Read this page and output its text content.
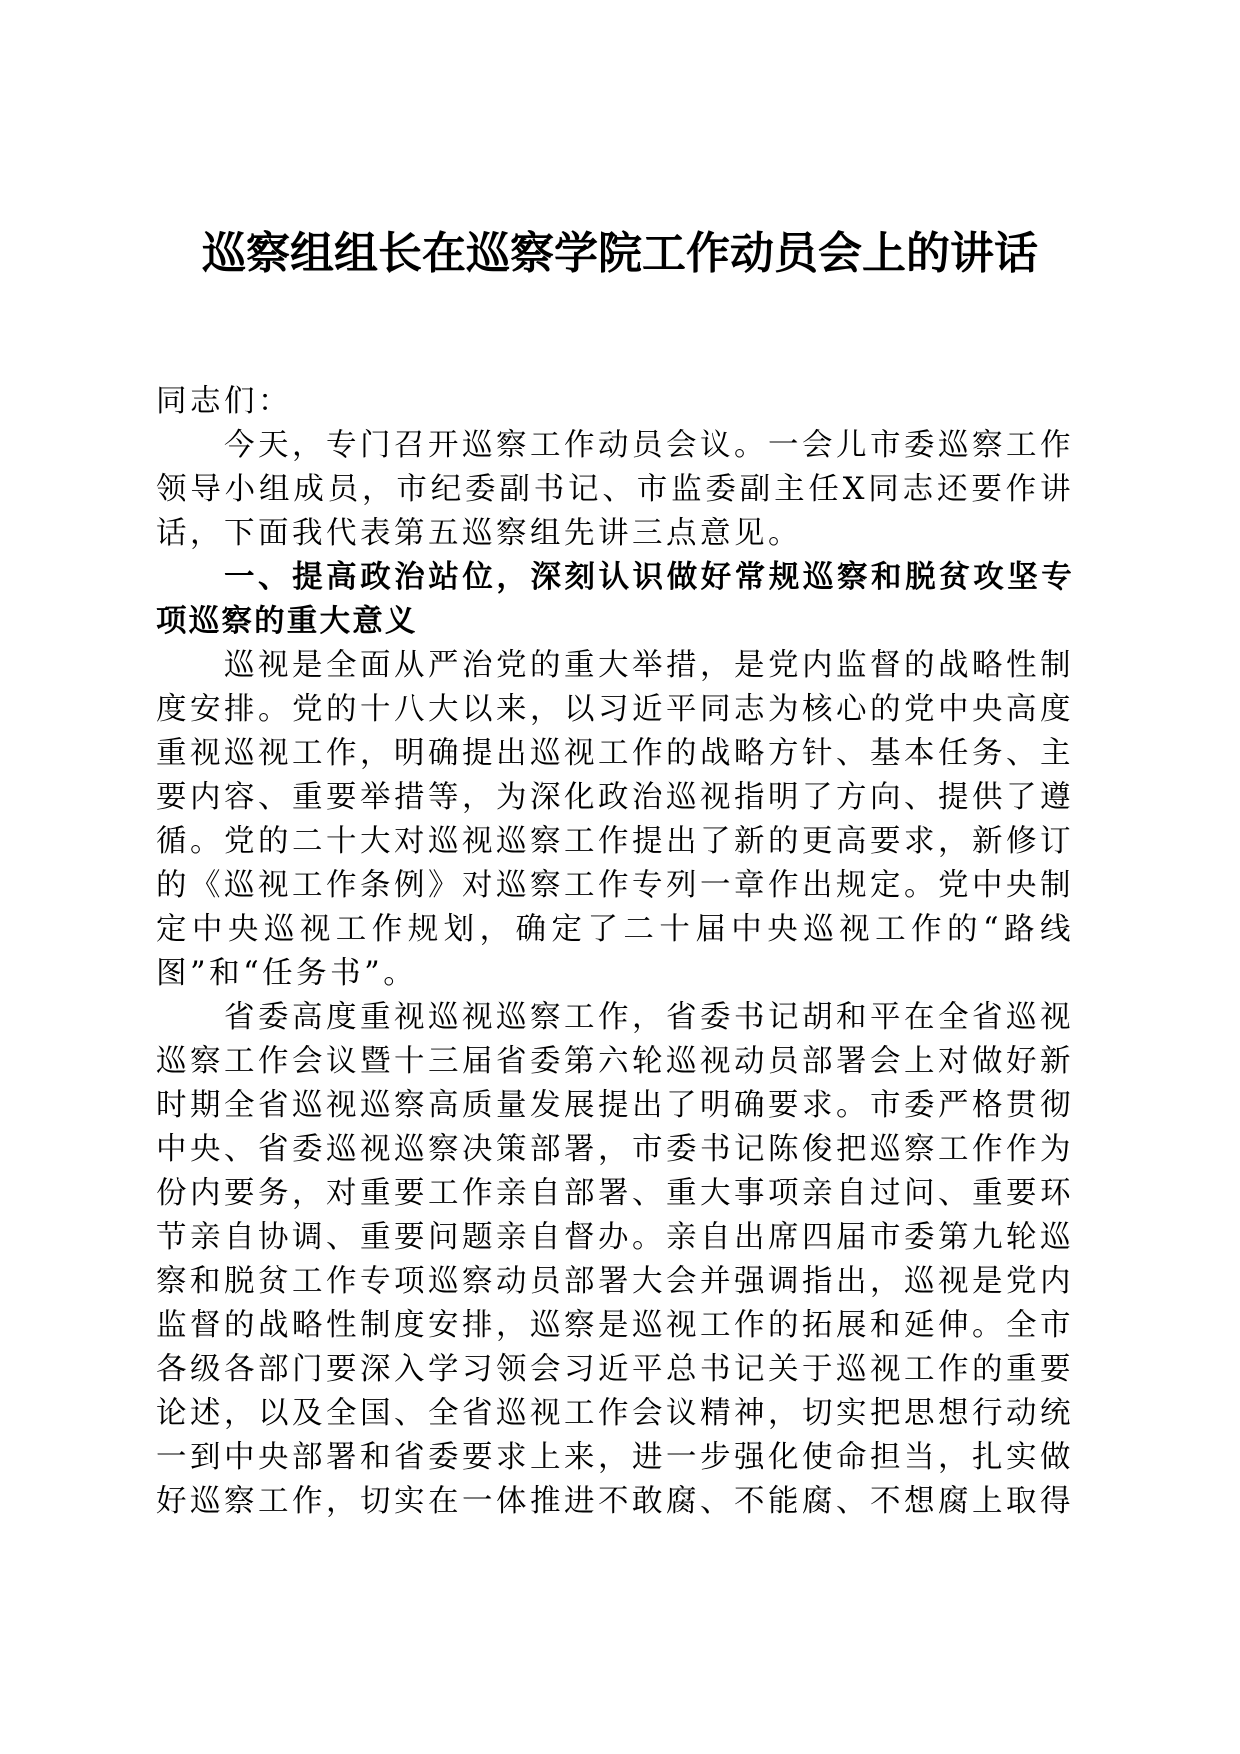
巡察组组长在巡察学院工作动员会上的讲话

同志们：

今天，专门召开巡察工作动员会议。一会儿市委巡察工作领导小组成员，市纪委副书记、市监委副主任X同志还要作讲话，下面我代表第五巡察组先讲三点意见。

一、提高政治站位，深刻认识做好常规巡察和脱贫攻坚专项巡察的重大意义

巡视是全面从严治党的重大举措，是党内监督的战略性制度安排。党的十八大以来，以习近平同志为核心的党中央高度重视巡视工作，明确提出巡视工作的战略方针、基本任务、主要内容、重要举措等，为深化政治巡视指明了方向、提供了遵循。党的二十大对巡视巡察工作提出了新的更高要求，新修订的《巡视工作条例》对巡察工作专列一章作出规定。党中央制定中央巡视工作规划，确定了二十届中央巡视工作的“路线图”和“任务书”。

省委高度重视巡视巡察工作，省委书记胡和平在全省巡视巡察工作会议暨十三届省委第六轮巡视动员部署会上对做好新时期全省巡视巡察高质量发展提出了明确要求。市委严格贯彻中央、省委巡视巡察决策部署，市委书记陈俊把巡察工作作为份内要务，对重要工作亲自部署、重大事项亲自过问、重要环节亲自协调、重要问题亲自督办。亲自出席四届市委第九轮巡察和脱贫工作专项巡察动员部署大会并强调指出，巡视是党内监督的战略性制度安排，巡察是巡视工作的拓展和延伸。全市各级各部门要深入学习领会习近平总书记关于巡视工作的重要论述，以及全国、全省巡视工作会议精神，切实把思想行动统一到中央部署和省委要求上来，进一步强化使命担当，扎实做好巡察工作，切实在一体推进不敢腐、不能腐、不想腐上取得
